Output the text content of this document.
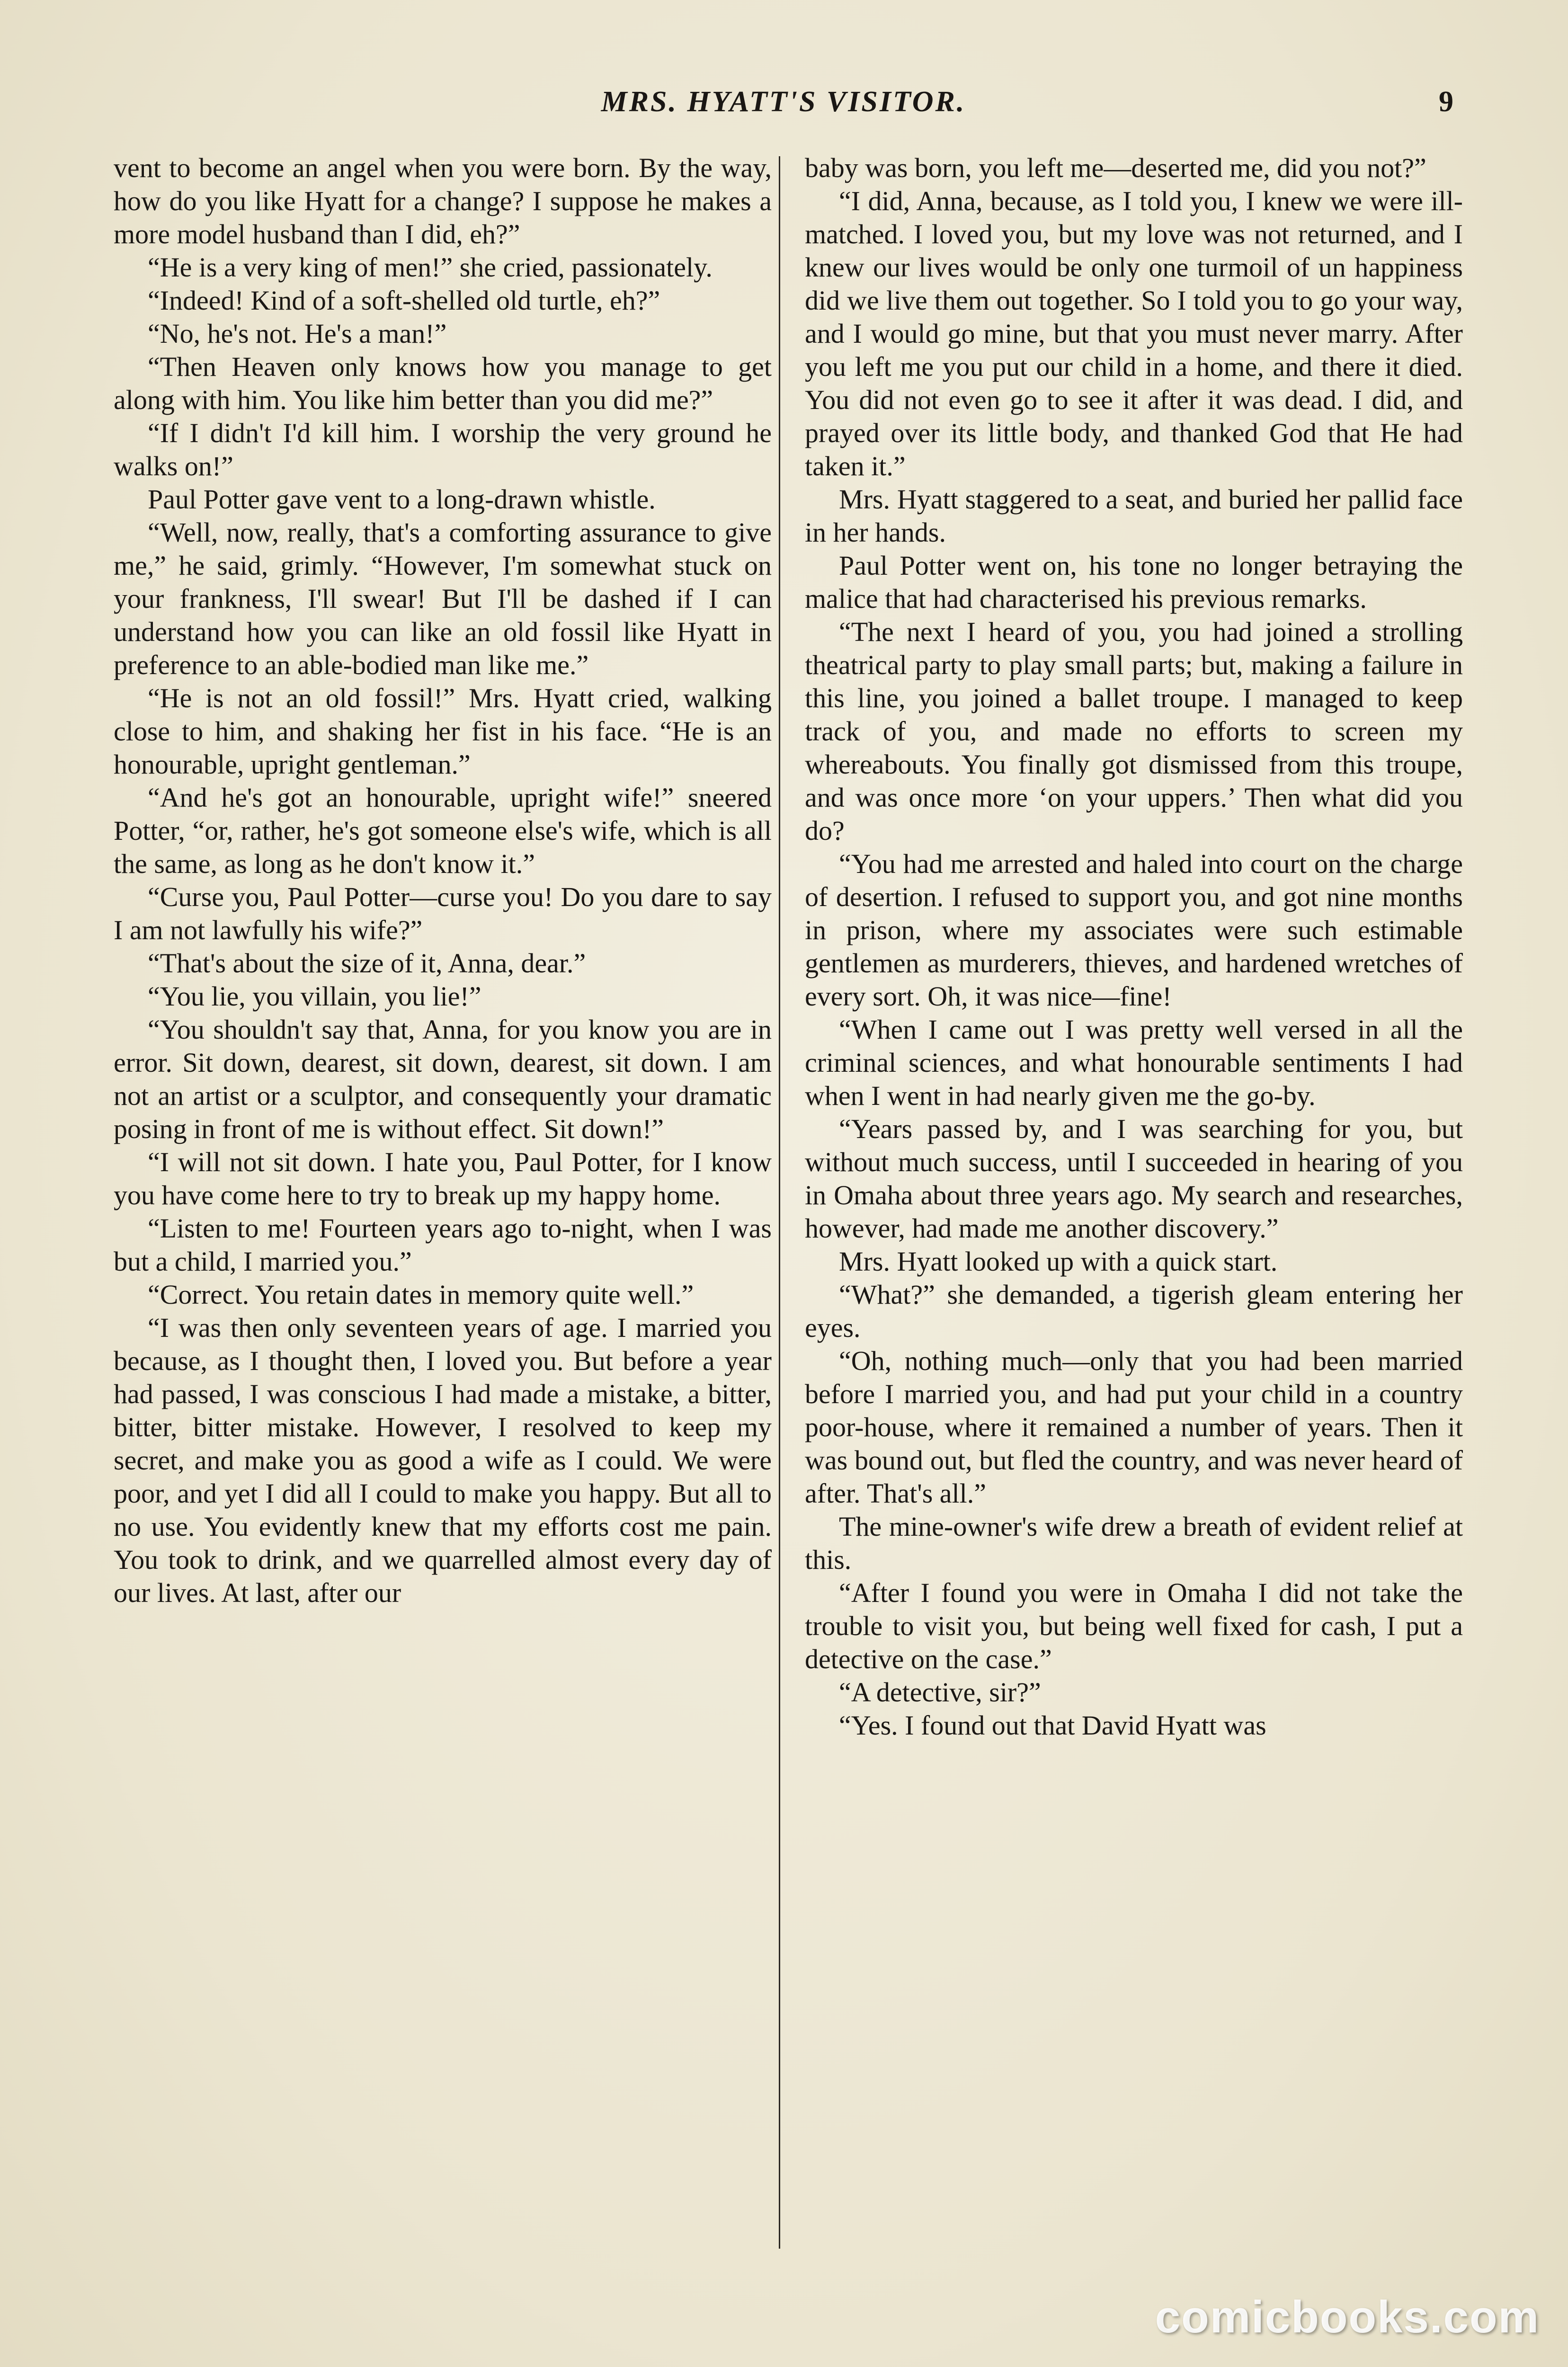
MRS. HYATT'S VISITOR.	9

vent to become an angel when you were born. By the way, how do you like Hyatt for a change? I suppose he makes a more model husband than I did, eh?”

“He is a very king of men!” she cried, passionately.

“Indeed! Kind of a soft-shelled old turtle, eh?”

“No, he's not. He's a man!”

“Then Heaven only knows how you manage to get along with him. You like him better than you did me?”

“If I didn't I'd kill him. I worship the very ground he walks on!”

Paul Potter gave vent to a long-drawn whistle.

“Well, now, really, that's a comforting assurance to give me,” he said, grimly. “However, I'm somewhat stuck on your frankness, I'll swear! But I'll be dashed if I can understand how you can like an old fossil like Hyatt in preference to an able-bodied man like me.”

“He is not an old fossil!” Mrs. Hyatt cried, walking close to him, and shaking her fist in his face. “He is an honourable, upright gentleman.”

“And he's got an honourable, upright wife!” sneered Potter, “or, rather, he's got someone else's wife, which is all the same, as long as he don't know it.”

“Curse you, Paul Potter—curse you! Do you dare to say I am not lawfully his wife?”

“That's about the size of it, Anna, dear.”

“You lie, you villain, you lie!”

“You shouldn't say that, Anna, for you know you are in error. Sit down, dearest, sit down, dearest, sit down. I am not an artist or a sculptor, and consequently your dramatic posing in front of me is without effect. Sit down!”

“I will not sit down. I hate you, Paul Potter, for I know you have come here to try to break up my happy home.

“Listen to me! Fourteen years ago to-night, when I was but a child, I married you.”

“Correct. You retain dates in memory quite well.”

“I was then only seventeen years of age. I married you because, as I thought then, I loved you. But before a year had passed, I was conscious I had made a mistake, a bitter, bitter, bitter mistake. However, I resolved to keep my secret, and make you as good a wife as I could. We were poor, and yet I did all I could to make you happy. But all to no use. You evidently knew that my efforts cost me pain. You took to drink, and we quarrelled almost every day of our lives. At last, after our

baby was born, you left me—deserted me, did you not?”

“I did, Anna, because, as I told you, I knew we were ill-matched. I loved you, but my love was not returned, and I knew our lives would be only one turmoil of un happiness did we live them out together. So I told you to go your way, and I would go mine, but that you must never marry. After you left me you put our child in a home, and there it died. You did not even go to see it after it was dead. I did, and prayed over its little body, and thanked God that He had taken it.”

Mrs. Hyatt staggered to a seat, and buried her pallid face in her hands.

Paul Potter went on, his tone no longer betraying the malice that had characterised his previous remarks.

“The next I heard of you, you had joined a strolling theatrical party to play small parts; but, making a failure in this line, you joined a ballet troupe. I managed to keep track of you, and made no efforts to screen my whereabouts. You finally got dismissed from this troupe, and was once more ‘on your uppers.’ Then what did you do?

“You had me arrested and haled into court on the charge of desertion. I refused to support you, and got nine months in prison, where my associates were such estimable gentlemen as murderers, thieves, and hardened wretches of every sort. Oh, it was nice—fine!

“When I came out I was pretty well versed in all the criminal sciences, and what honourable sentiments I had when I went in had nearly given me the go-by.

“Years passed by, and I was searching for you, but without much success, until I succeeded in hearing of you in Omaha about three years ago. My search and researches, however, had made me another discovery.”

Mrs. Hyatt looked up with a quick start.

“What?” she demanded, a tigerish gleam entering her eyes.

“Oh, nothing much—only that you had been married before I married you, and had put your child in a country poor-house, where it remained a number of years. Then it was bound out, but fled the country, and was never heard of after. That's all.”

The mine-owner's wife drew a breath of evident relief at this.

“After I found you were in Omaha I did not take the trouble to visit you, but being well fixed for cash, I put a detective on the case.”

“A detective, sir?”

“Yes. I found out that David Hyatt was

comicbooks.com
